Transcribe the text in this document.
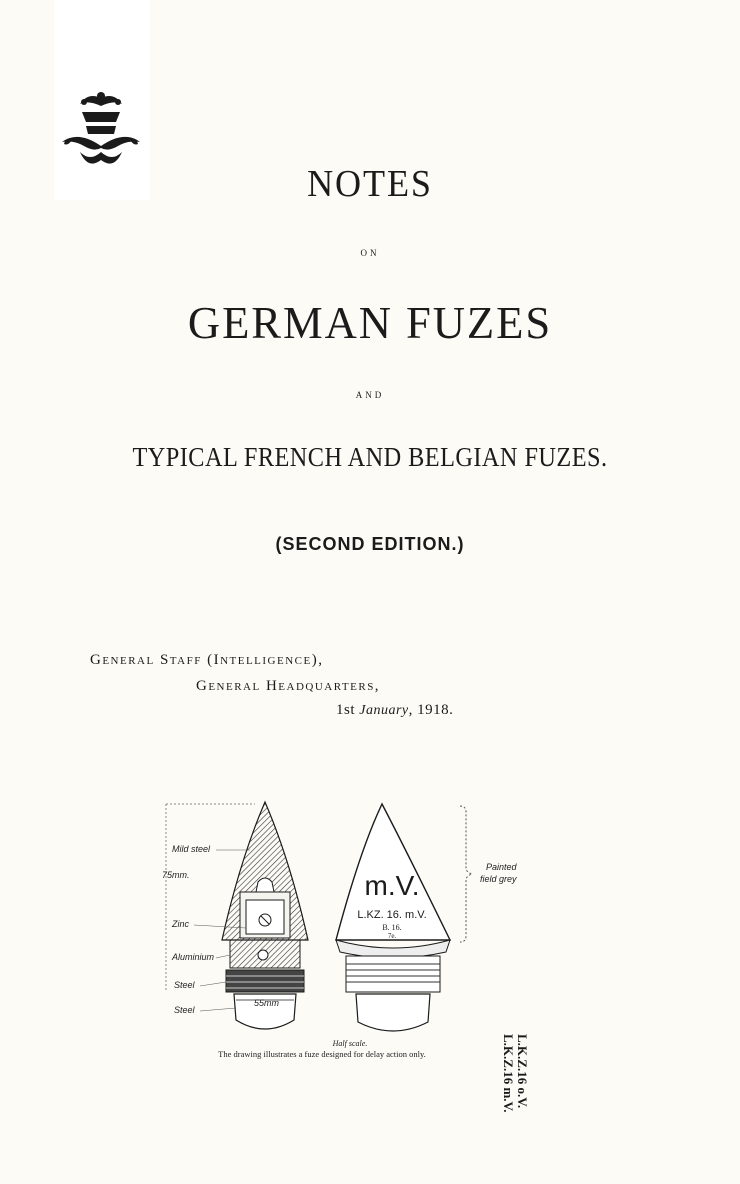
NOTES
ON
GERMAN FUZES
AND
TYPICAL FRENCH AND BELGIAN FUZES.
(SECOND EDITION.)
General Staff (Intelligence),
General Headquarters,
1st January, 1918.
Mild steel
75mm.
Zinc
Aluminium
Steel
Steel
55mm
m.V.
L.KZ. 16. m.V.
B. 16.
7e.
Painted
field grey
Half scale.
The drawing illustrates a fuze designed for delay action only.	L.K.Z.16 o.V.
L.K.Z.16 m.V.
